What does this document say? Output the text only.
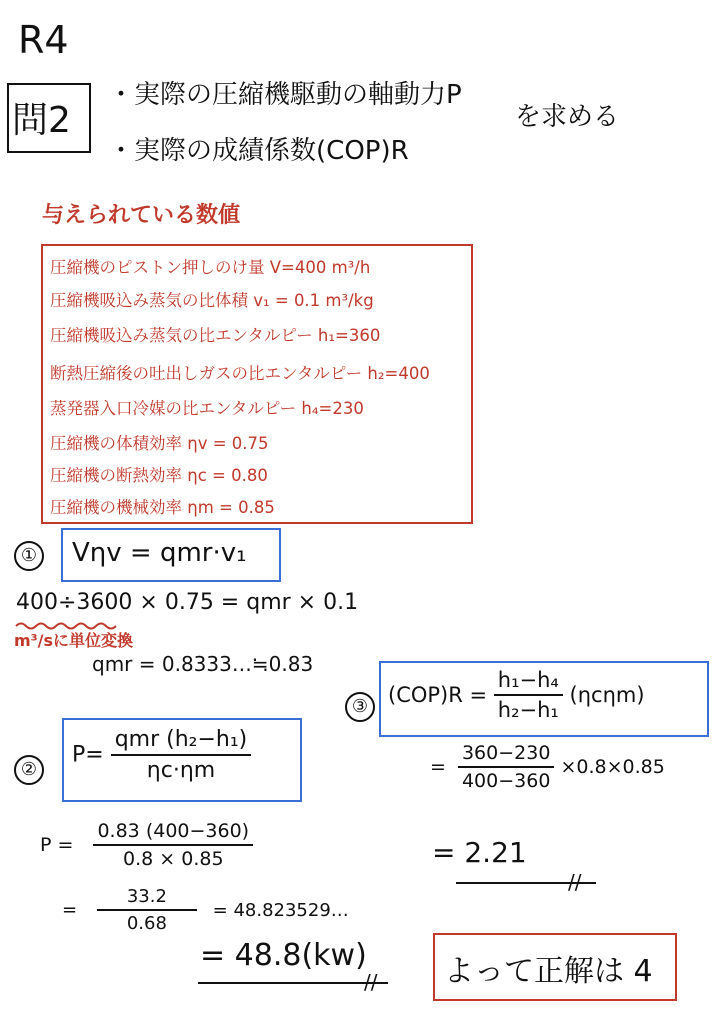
R4
問2
・実際の圧縮機駆動の軸動力P
・実際の成績係数(COP)R
を求める
与えられている数値
圧縮機のピストン押しのけ量 V=400 m³/h
圧縮機吸込み蒸気の比体積 v₁ = 0.1 m³/kg
圧縮機吸込み蒸気の比エンタルピー h₁=360
断熱圧縮後の吐出しガスの比エンタルピー h₂=400
蒸発器入口冷媒の比エンタルピー h₄=230
圧縮機の体積効率 ηv = 0.75
圧縮機の断熱効率 ηc = 0.80
圧縮機の機械効率 ηm = 0.85
① Vηv = qmr·v₁
400÷3600 × 0.75 = qmr × 0.1
m³/sに単位変換
qmr = 0.8333…≒0.83
②
$P= \frac{\text{qmr (h₂−h₁)}}{\eta c\cdot\eta m}$
$P = \frac{0.83 (400-360)}{0.8 \times 0.85}$
= $\frac{33.2}{0.68}$ = 48.823529…
= 48.8(kw)
//
③ $(COP)R = \frac{\text{h₁−h₄}}{\text{h₂−h₁}} (\eta c\eta m)$
= $\frac{360-230}{400-360} \times 0.8\times 0.85$
= 2.21
//
よって正解は 4
